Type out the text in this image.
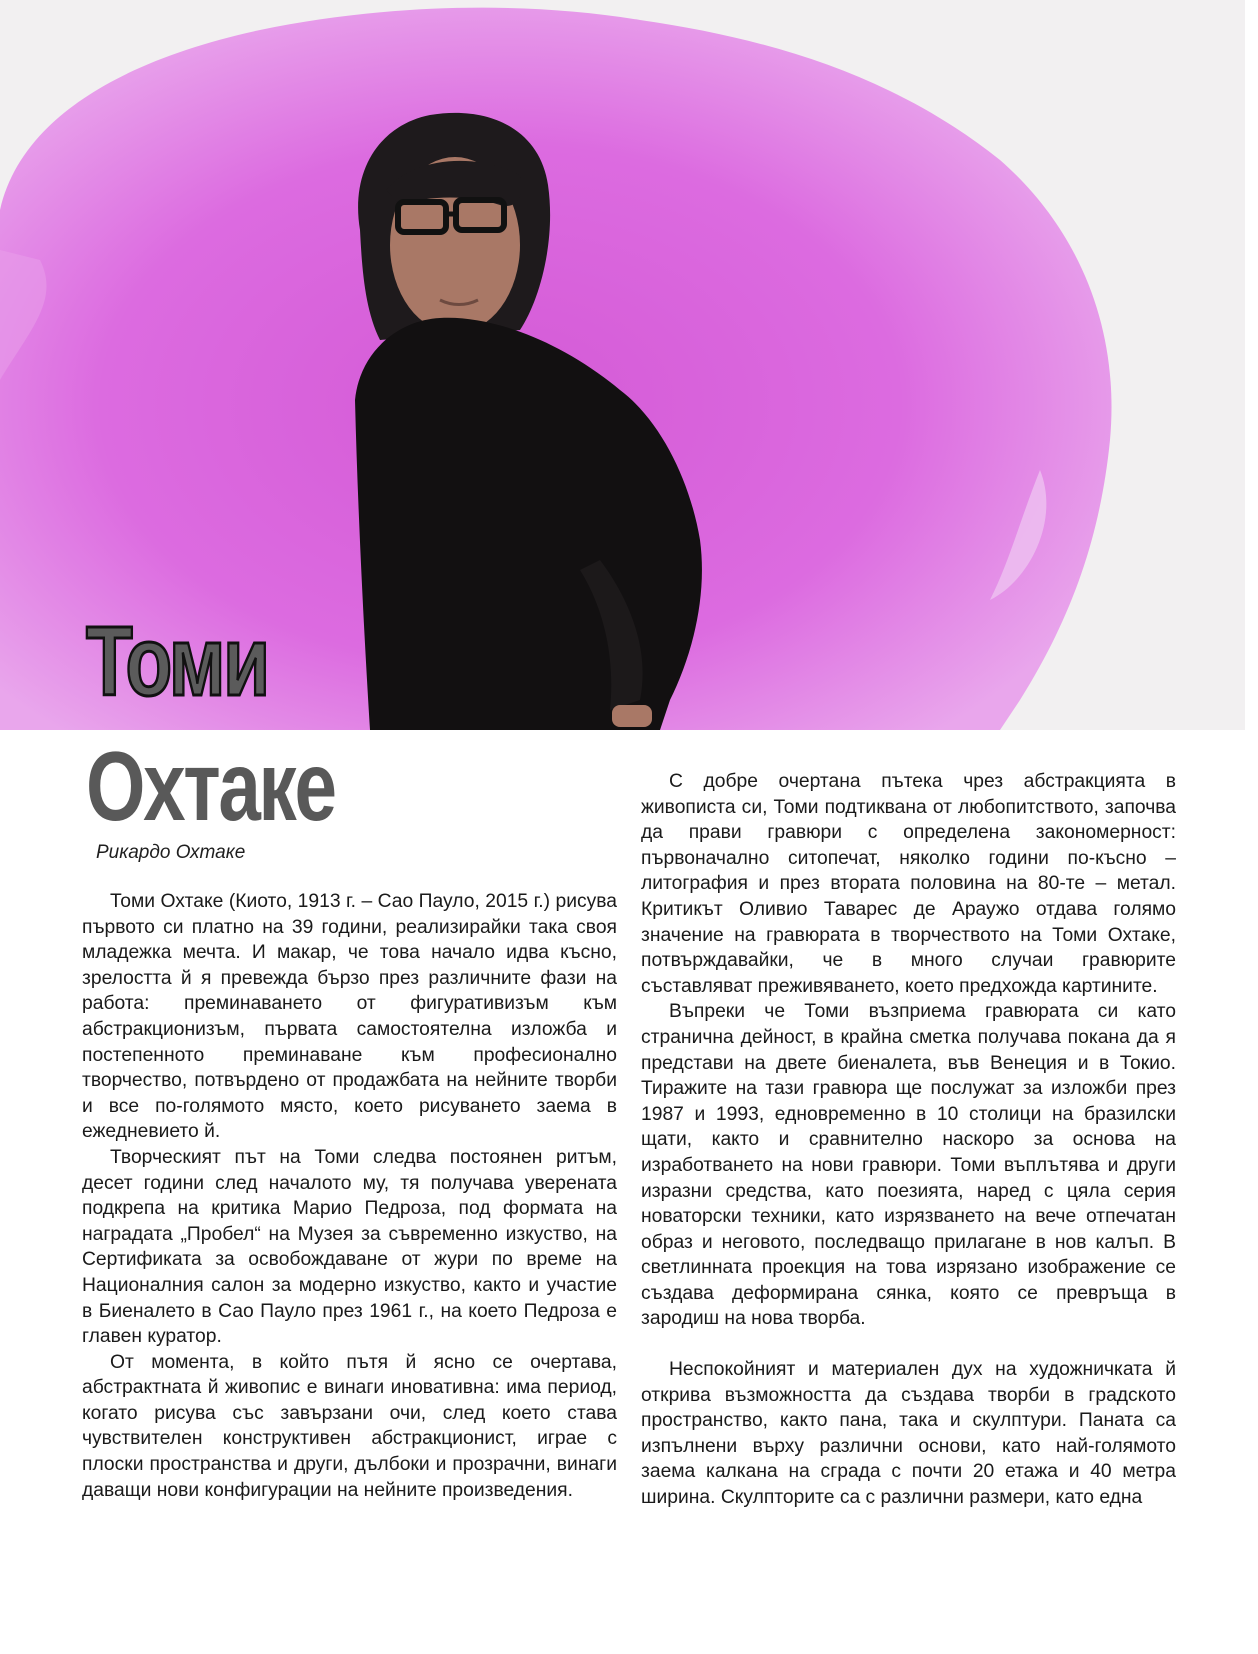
Томи
Охтаке
Рикардо Охтаке

Томи Охтаке (Киото, 1913 г. – Сао Пауло, 2015 г.) рисува първото си платно на 39 години, реализирайки така своя младежка мечта. И макар, че това начало идва късно, зрелостта й я превежда бързо през различните фази на работа: преминаването от фигуративизъм към абстракционизъм, първата самостоятелна изложба и постепенното преминаване към професионално творчество, потвърдено от продажбата на нейните творби и все по-голямото място, което рисуването заема в ежедневието й.

Творческият път на Томи следва постоянен ритъм, десет години след началото му, тя получава уверената подкрепа на критика Марио Педроза, под формата на наградата „Пробел“ на Музея за съвременно изкуство, на Сертификата за освобождаване от жури по време на Националния салон за модерно изкуство, както и участие в Биеналето в Сао Пауло през 1961 г., на което Педроза е главен куратор.

От момента, в който пътя й ясно се очертава, абстрактната й живопис е винаги иновативна: има период, когато рисува със завързани очи, след което става чувствителен конструктивен абстракционист, играе с плоски пространства и други, дълбоки и прозрачни, винаги даващи нови конфигурации на нейните произведения.

С добре очертана пътека чрез абстракцията в живописта си, Томи подтиквана от любопитството, започва да прави гравюри с определена закономерност: първоначално ситопечат, няколко години по-късно – литография и през втората половина на 80-те – метал. Критикът Оливио Таварес де Араужо отдава голямо значение на гравюрата в творчеството на Томи Охтаке, потвърждавайки, че в много случаи гравюрите съставляват преживяването, което предхожда картините.

Въпреки че Томи възприема гравюрата си като странична дейност, в крайна сметка получава покана да я представи на двете биеналета, във Венеция и в Токио. Тиражите на тази гравюра ще послужат за изложби през 1987 и 1993, едновременно в 10 столици на бразилски щати, както и сравнително наскоро за основа на изработването на нови гравюри. Томи въплътява и други изразни средства, като поезията, наред с цяла серия новаторски техники, като изрязването на вече отпечатан образ и неговото, последващо прилагане в нов калъп. В светлинната проекция на това изрязано изображение се създава деформирана сянка, която се превръща в зародиш на нова творба.

Неспокойният и материален дух на художничката й открива възможността да създава творби в градското пространство, както пана, така и скулптури. Паната са изпълнени върху различни основи, като най-голямото заема калкана на сграда с почти 20 етажа и 40 метра ширина. Скулпторите са с различни размери, като една
